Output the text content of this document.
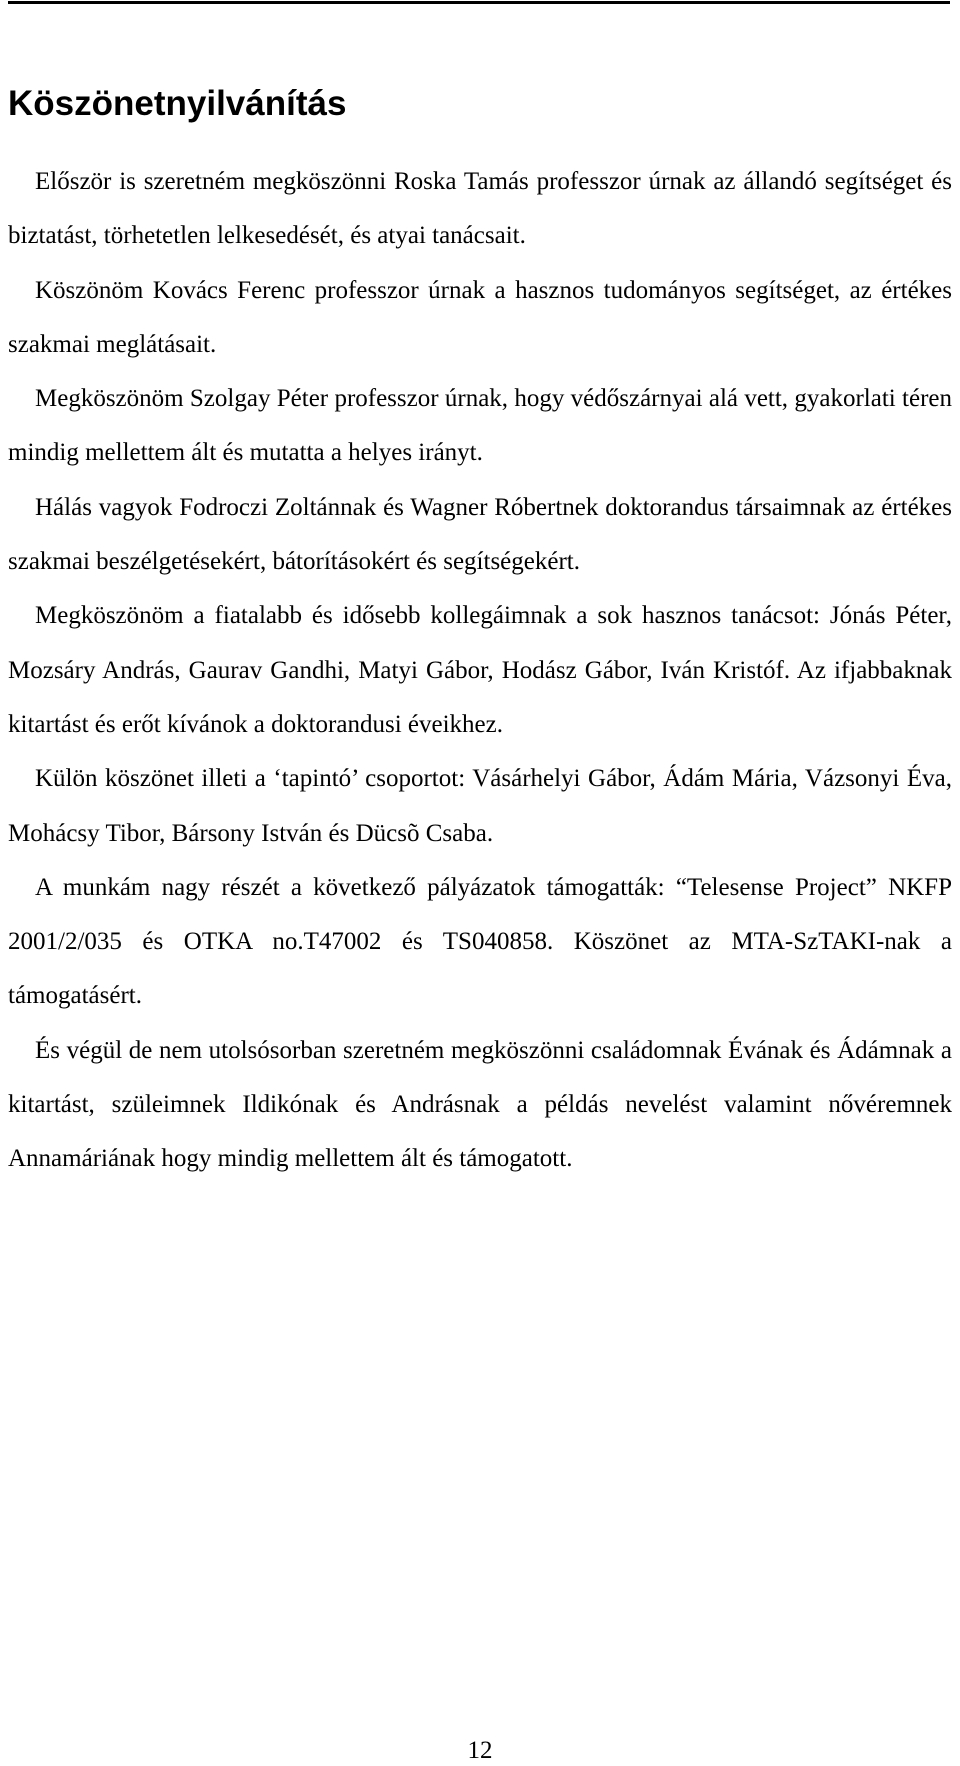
Köszönetnyilvánítás

Először is szeretném megköszönni Roska Tamás professzor úrnak az állandó segítséget és biztatást, törhetetlen lelkesedését, és atyai tanácsait.

Köszönöm Kovács Ferenc professzor úrnak a hasznos tudományos segítséget, az értékes szakmai meglátásait.

Megköszönöm Szolgay Péter professzor úrnak, hogy védőszárnyai alá vett, gyakorlati téren mindig mellettem ált és mutatta a helyes irányt.

Hálás vagyok Fodroczi Zoltánnak és Wagner Róbertnek doktorandus társaimnak az értékes szakmai beszélgetésekért, bátorításokért és segítségekért.

Megköszönöm a fiatalabb és idősebb kollegáimnak a sok hasznos tanácsot: Jónás Péter, Mozsáry András, Gaurav Gandhi, Matyi Gábor, Hodász Gábor, Iván Kristóf. Az ifjabbaknak kitartást és erőt kívánok a doktorandusi éveikhez.

Külön köszönet illeti a ‘tapintó’ csoportot: Vásárhelyi Gábor, Ádám Mária, Vázsonyi Éva, Mohácsy Tibor, Bársony István és Dücsõ Csaba.

A munkám nagy részét a következő pályázatok támogatták: “Telesense Project” NKFP 2001/2/035 és OTKA no.T47002 és TS040858. Köszönet az MTA-SzTAKI-nak a támogatásért.

És végül de nem utolsósorban szeretném megköszönni családomnak Évának és Ádámnak a kitartást, szüleimnek Ildikónak és Andrásnak a példás nevelést valamint nővéremnek Annamáriának hogy mindig mellettem ált és támogatott.

12
